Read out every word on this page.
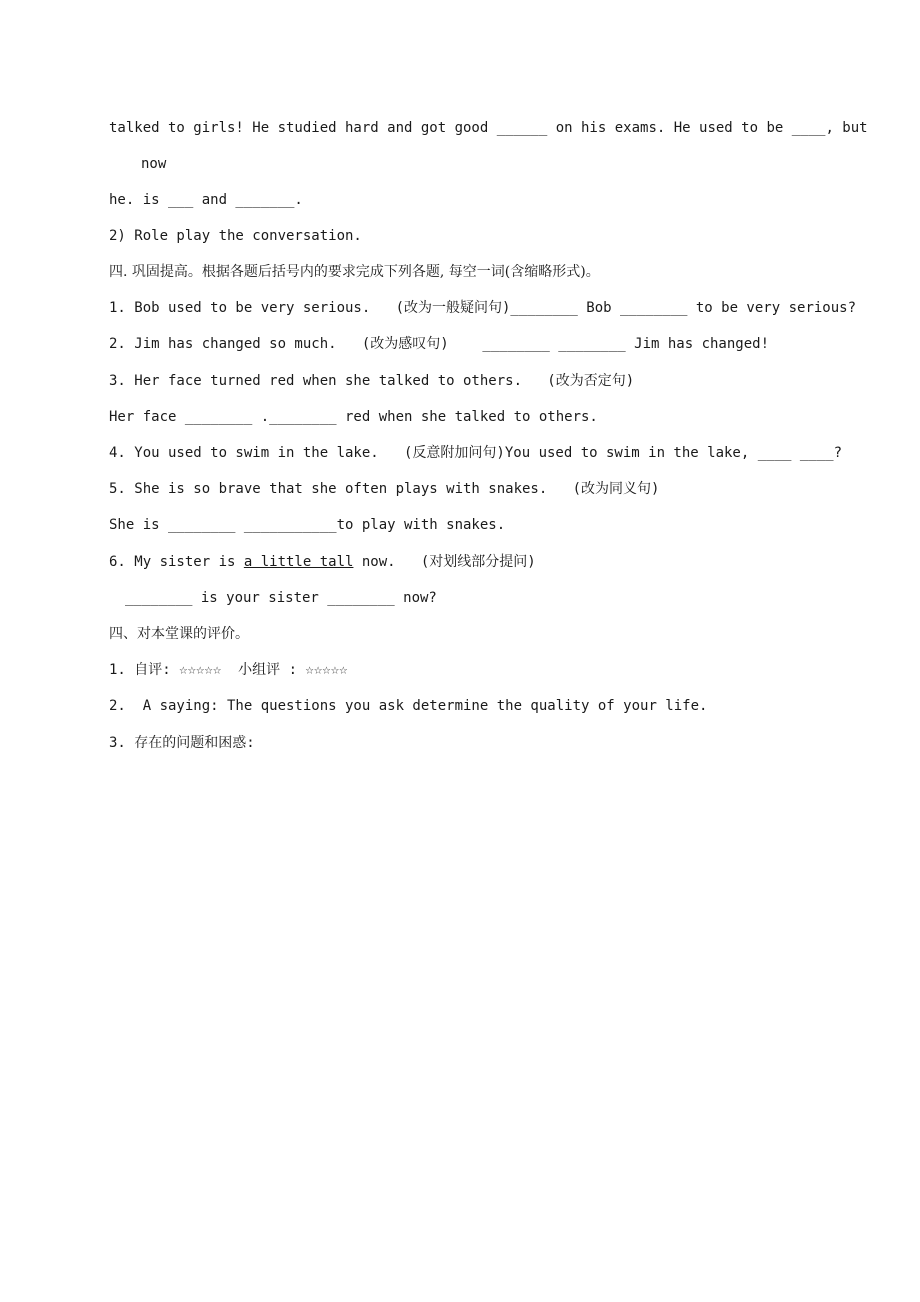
talked to girls! He studied hard and got good ______ on his exams. He used to be ____, but
now
he. is ___ and _______.
2) Role play the conversation.
四. 巩固提高。根据各题后括号内的要求完成下列各题, 每空一词(含缩略形式)。
1. Bob used to be very serious.   (改为一般疑问句)________ Bob ________ to be very serious?
2. Jim has changed so much.   (改为感叹句)    ________ ________ Jim has changed!
3. Her face turned red when she talked to others.   (改为否定句)
Her face ________ .________ red when she talked to others.
4. You used to swim in the lake.   (反意附加问句)You used to swim in the lake, ____ ____?
5. She is so brave that she often plays with snakes.   (改为同义句)
She is ________ ___________to play with snakes.
6. My sister is a little tall now.   (对划线部分提问)
________ is your sister ________ now?
四、对本堂课的评价。
1. 自评: ☆☆☆☆☆  小组评 : ☆☆☆☆☆
2.  A saying: The questions you ask determine the quality of your life.
3. 存在的问题和困惑:
